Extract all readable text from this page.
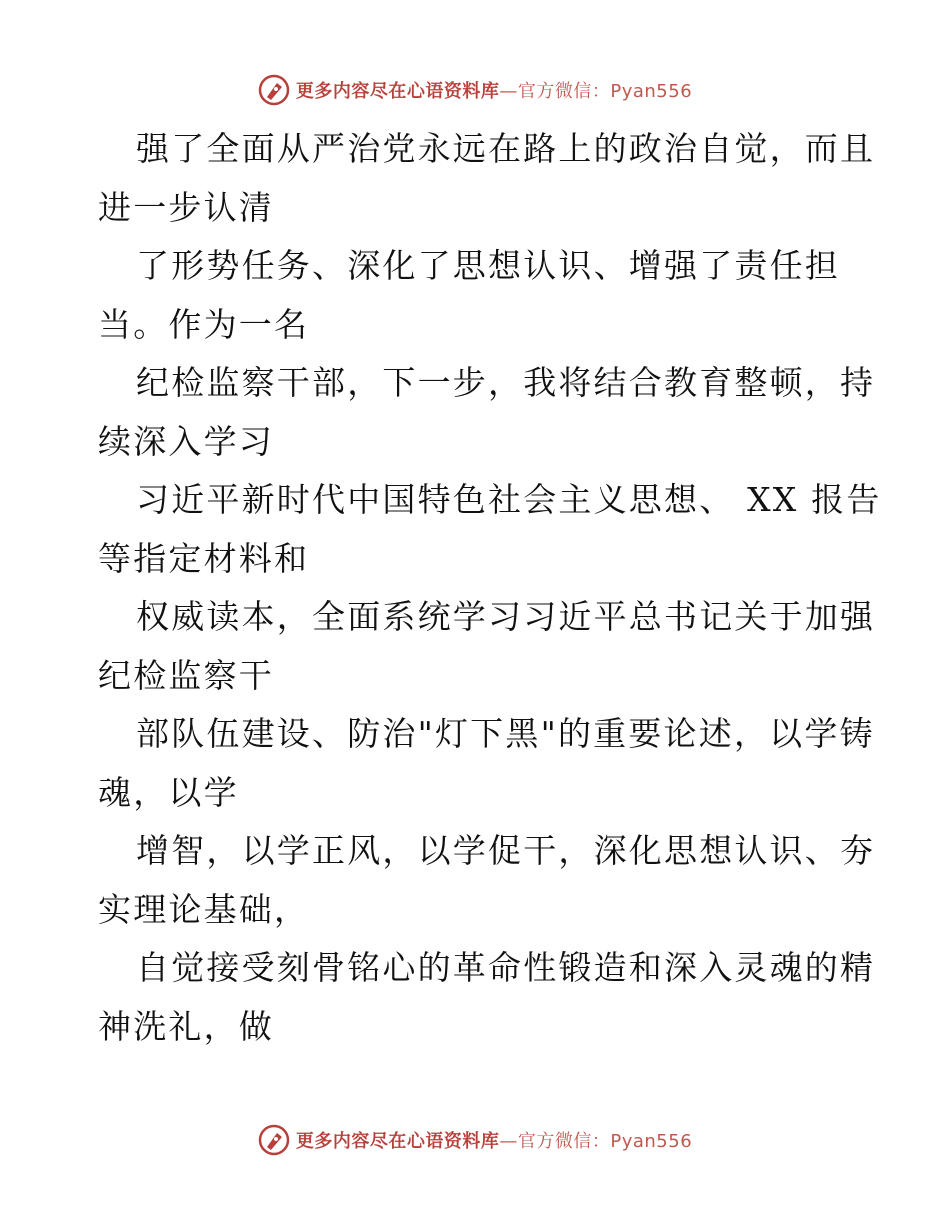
更多内容尽在心语资料库—官方微信：Pyan556
强了全面从严治党永远在路上的政治自觉，而且
进一步认清
了形势任务、深化了思想认识、增强了责任担
当。作为一名
纪检监察干部，下一步，我将结合教育整顿，持
续深入学习
习近平新时代中国特色社会主义思想、 XX 报告
等指定材料和
权威读本，全面系统学习习近平总书记关于加强
纪检监察干
部队伍建设、防治"灯下黑"的重要论述，以学铸
魂，以学
增智，以学正风，以学促干，深化思想认识、夯
实理论基础，
自觉接受刻骨铭心的革命性锻造和深入灵魂的精
神洗礼，做
更多内容尽在心语资料库—官方微信：Pyan556
